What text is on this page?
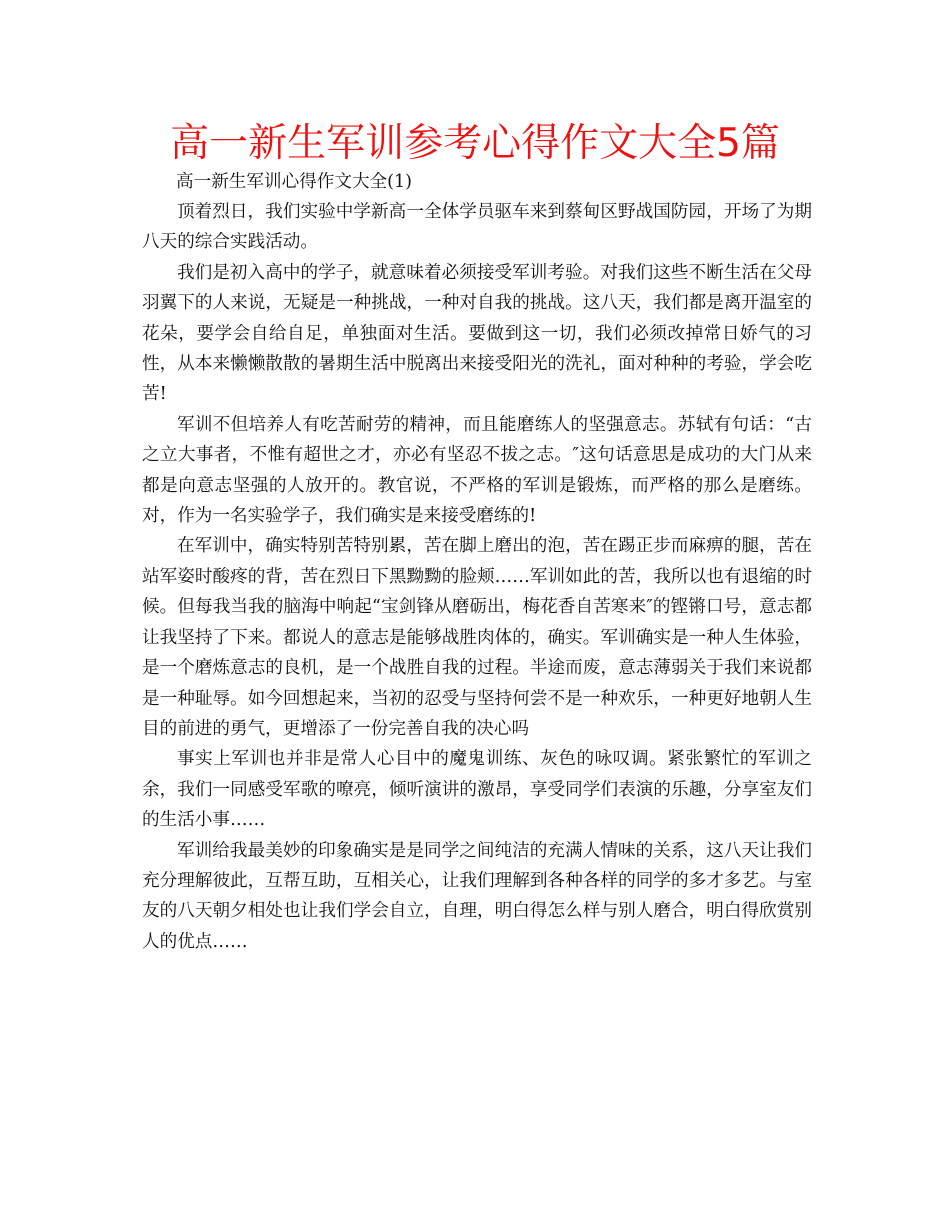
高一新生军训参考心得作文大全5篇

高一新生军训心得作文大全(1)

顶着烈日，我们实验中学新高一全体学员驱车来到蔡甸区野战国防园，开场了为期八天的综合实践活动。

我们是初入高中的学子，就意味着必须接受军训考验。对我们这些不断生活在父母羽翼下的人来说，无疑是一种挑战，一种对自我的挑战。这八天，我们都是离开温室的花朵，要学会自给自足，单独面对生活。要做到这一切，我们必须改掉常日娇气的习性，从本来懒懒散散的暑期生活中脱离出来接受阳光的洗礼，面对种种的考验，学会吃苦!

军训不但培养人有吃苦耐劳的精神，而且能磨练人的坚强意志。苏轼有句话：“古之立大事者，不惟有超世之才，亦必有坚忍不拔之志。″这句话意思是成功的大门从来都是向意志坚强的人放开的。教官说，不严格的军训是锻炼，而严格的那么是磨练。对，作为一名实验学子，我们确实是来接受磨练的!

在军训中，确实特别苦特别累，苦在脚上磨出的泡，苦在踢正步而麻痹的腿，苦在站军姿时酸疼的背，苦在烈日下黑黝黝的脸颊……军训如此的苦，我所以也有退缩的时候。但每我当我的脑海中响起“宝剑锋从磨砺出，梅花香自苦寒来″的铿锵口号，意志都让我坚持了下来。都说人的意志是能够战胜肉体的，确实。军训确实是一种人生体验，是一个磨炼意志的良机，是一个战胜自我的过程。半途而废，意志薄弱关于我们来说都是一种耻辱。如今回想起来，当初的忍受与坚持何尝不是一种欢乐，一种更好地朝人生目的前进的勇气，更增添了一份完善自我的决心吗

事实上军训也并非是常人心目中的魔鬼训练、灰色的咏叹调。紧张繁忙的军训之余，我们一同感受军歌的嘹亮，倾听演讲的激昂，享受同学们表演的乐趣，分享室友们的生活小事……

军训给我最美妙的印象确实是是同学之间纯洁的充满人情味的关系，这八天让我们充分理解彼此，互帮互助，互相关心，让我们理解到各种各样的同学的多才多艺。与室友的八天朝夕相处也让我们学会自立，自理，明白得怎么样与别人磨合，明白得欣赏别人的优点……
